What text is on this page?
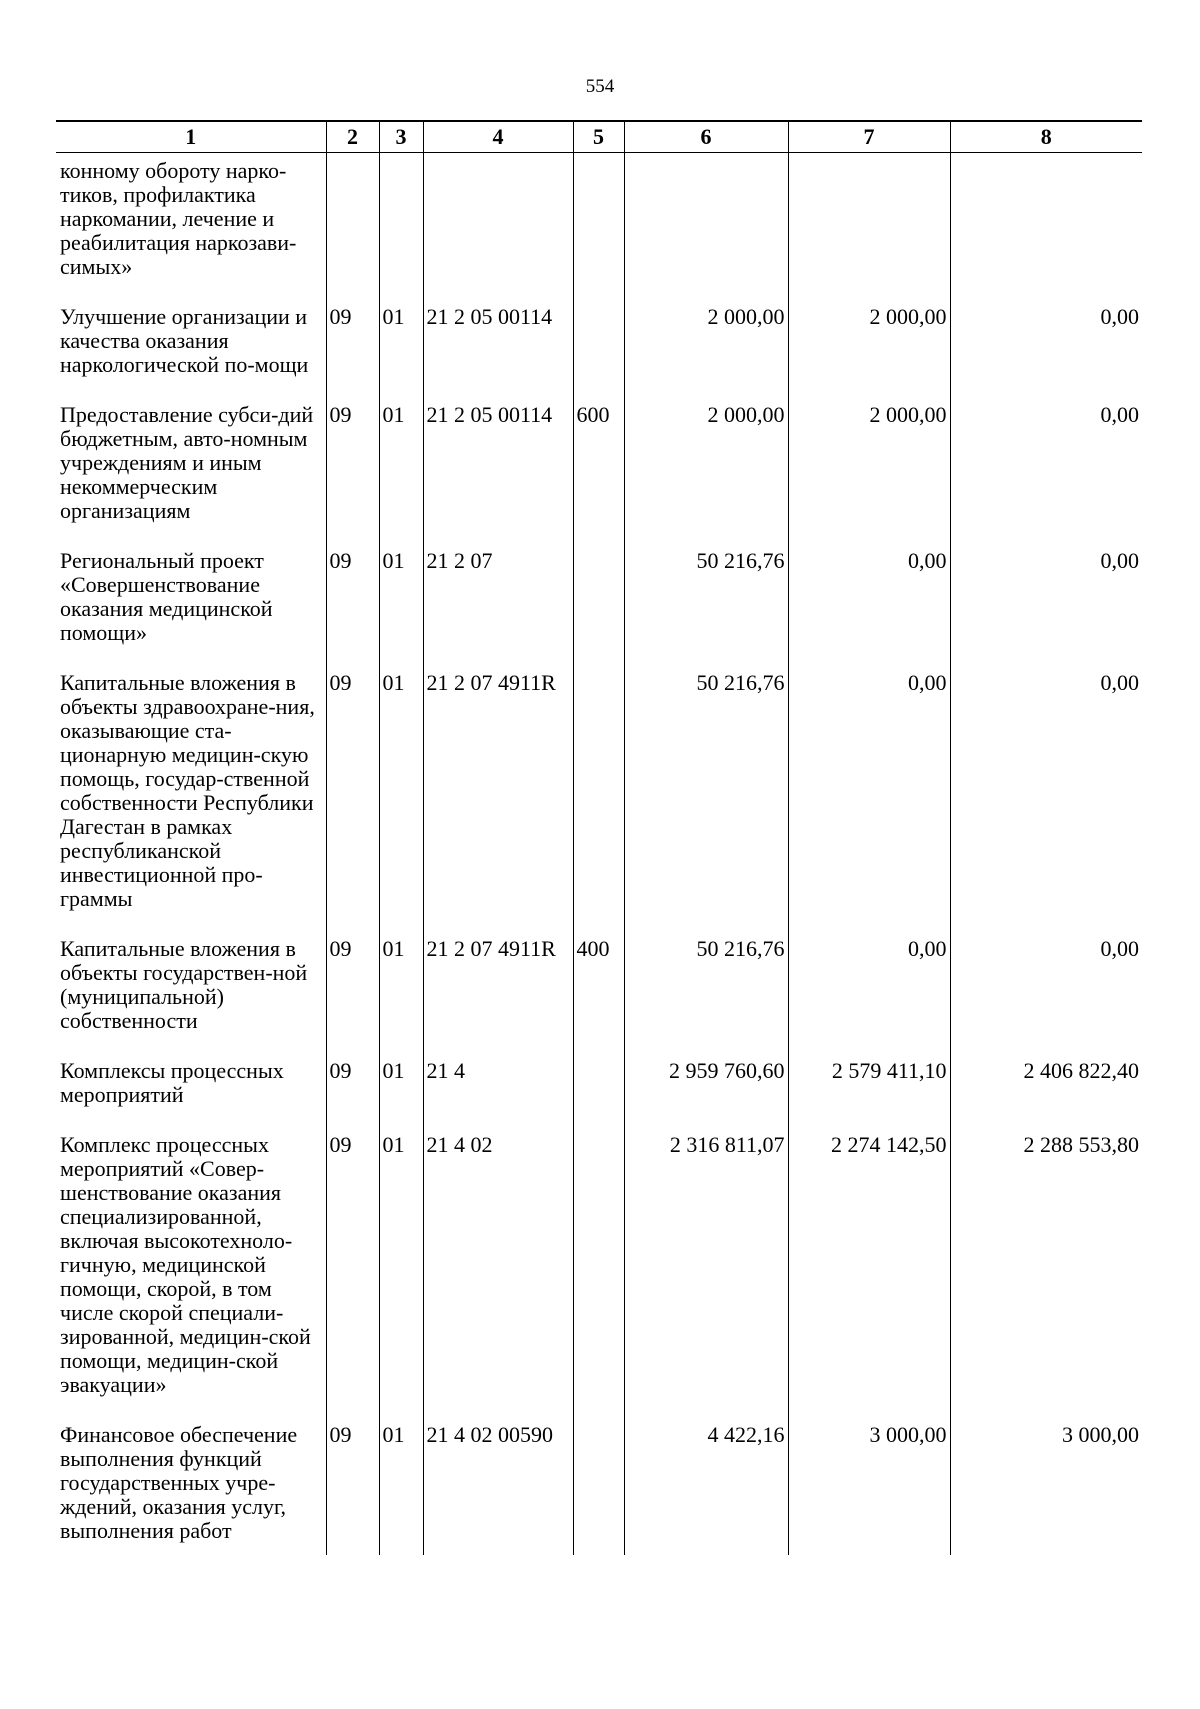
554
1	2	3	4	5	6	7	8
конному обороту нарко-тиков, профилактика наркомании, лечение и реабилитация наркозави-симых»							
Улучшение организации и качества оказания наркологической по-мощи	09	01	21 2 05 00114		2 000,00	2 000,00	0,00
Предоставление субси-дий бюджетным, авто-номным учреждениям и иным некоммерческим организациям	09	01	21 2 05 00114	600	2 000,00	2 000,00	0,00
Региональный проект «Совершенствование оказания медицинской помощи»	09	01	21 2 07		50 216,76	0,00	0,00
Капитальные вложения в объекты здравоохране-ния, оказывающие ста-ционарную медицин-скую помощь, государ-ственной собственности Республики Дагестан в рамках республиканской инвестиционной про-граммы	09	01	21 2 07 4911R		50 216,76	0,00	0,00
Капитальные вложения в объекты государствен-ной (муниципальной) собственности	09	01	21 2 07 4911R	400	50 216,76	0,00	0,00
Комплексы процессных мероприятий	09	01	21 4		2 959 760,60	2 579 411,10	2 406 822,40
Комплекс процессных мероприятий «Совер-шенствование оказания специализированной, включая высокотехноло-гичную, медицинской помощи, скорой, в том числе скорой специали-зированной, медицин-ской помощи, медицин-ской эвакуации»	09	01	21 4 02		2 316 811,07	2 274 142,50	2 288 553,80
Финансовое обеспечение выполнения функций государственных учре-ждений, оказания услуг, выполнения работ	09	01	21 4 02 00590		4 422,16	3 000,00	3 000,00
